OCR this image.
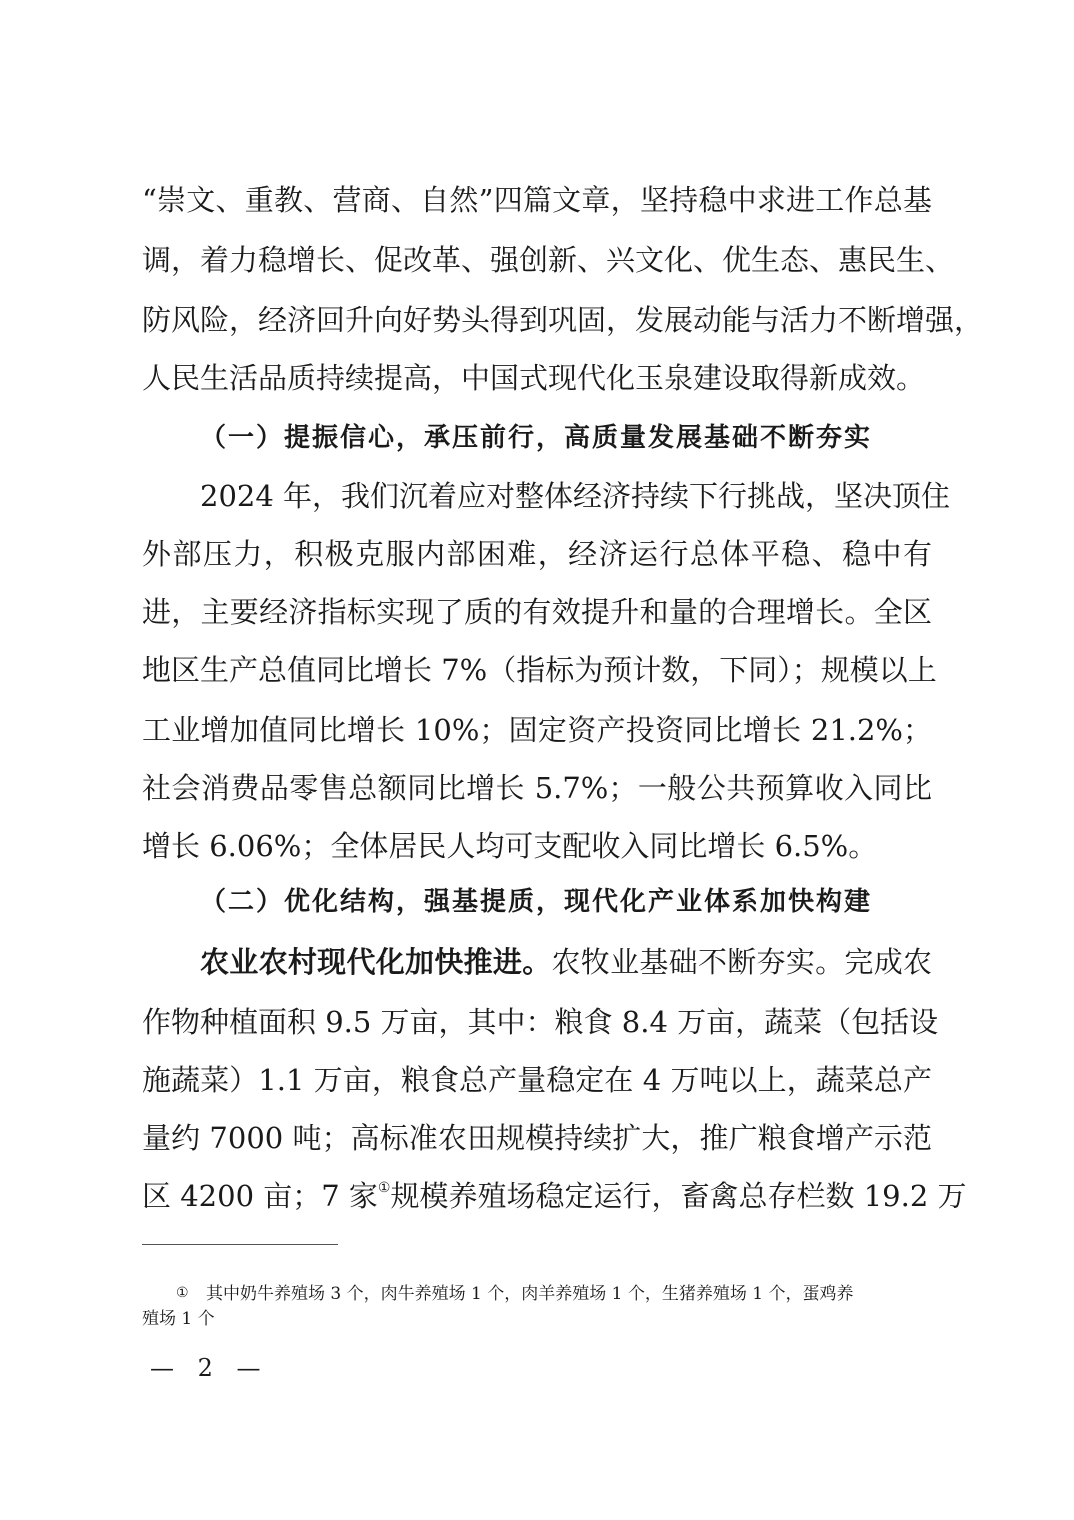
“崇文、重教、营商、自然”四篇文章，坚持稳中求进工作总基
调，着力稳增长、促改革、强创新、兴文化、优生态、惠民生、
防风险，经济回升向好势头得到巩固，发展动能与活力不断增强，
人民生活品质持续提高，中国式现代化玉泉建设取得新成效。
（一）提振信心，承压前行，高质量发展基础不断夯实
2024 年，我们沉着应对整体经济持续下行挑战，坚决顶住
外部压力，积极克服内部困难，经济运行总体平稳、稳中有
进，主要经济指标实现了质的有效提升和量的合理增长。全区
地区生产总值同比增长 7%（指标为预计数，下同）；规模以上
工业增加值同比增长 10%；固定资产投资同比增长 21.2%；
社会消费品零售总额同比增长 5.7%；一般公共预算收入同比
增长 6.06%；全体居民人均可支配收入同比增长 6.5%。
（二）优化结构，强基提质，现代化产业体系加快构建
农业农村现代化加快推进。农牧业基础不断夯实。完成农
作物种植面积 9.5 万亩，其中：粮食 8.4 万亩，蔬菜（包括设
施蔬菜）1.1 万亩，粮食总产量稳定在 4 万吨以上，蔬菜总产
量约 7000 吨；高标准农田规模持续扩大，推广粮食增产示范
区 4200 亩；7 家①规模养殖场稳定运行，畜禽总存栏数 19.2 万
① 其中奶牛养殖场 3 个，肉牛养殖场 1 个，肉羊养殖场 1 个，生猪养殖场 1 个，蛋鸡养
殖场 1 个
— 2 —
